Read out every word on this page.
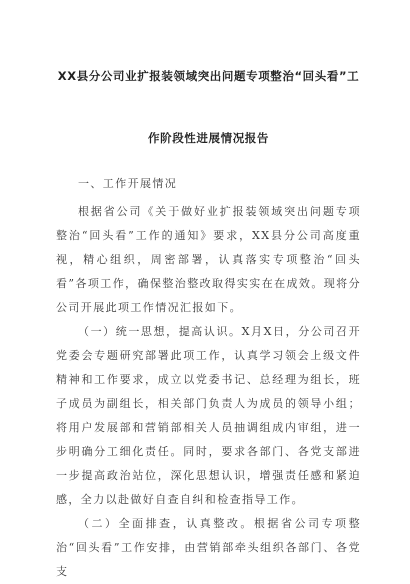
XX县分公司业扩报装领域突出问题专项整治“回头看”工
作阶段性进展情况报告

一、工作开展情况

根据省公司《关于做好业扩报装领域突出问题专项整治“回头看”工作的通知》要求，XX县分公司高度重视，精心组织，周密部署，认真落实专项整治“回头看”各项工作，确保整治整改取得实实在在成效。现将分公司开展此项工作情况汇报如下。

（一）统一思想，提高认识。X月X日，分公司召开党委会专题研究部署此项工作，认真学习领会上级文件精神和工作要求，成立以党委书记、总经理为组长，班子成员为副组长，相关部门负责人为成员的领导小组；将用户发展部和营销部相关人员抽调组成内审组，进一步明确分工细化责任。同时，要求各部门、各党支部进一步提高政治站位，深化思想认识，增强责任感和紧迫感，全力以赴做好自查自纠和检查指导工作。

（二）全面排查，认真整改。根据省公司专项整治“回头看”工作安排，由营销部牵头组织各部门、各党支
